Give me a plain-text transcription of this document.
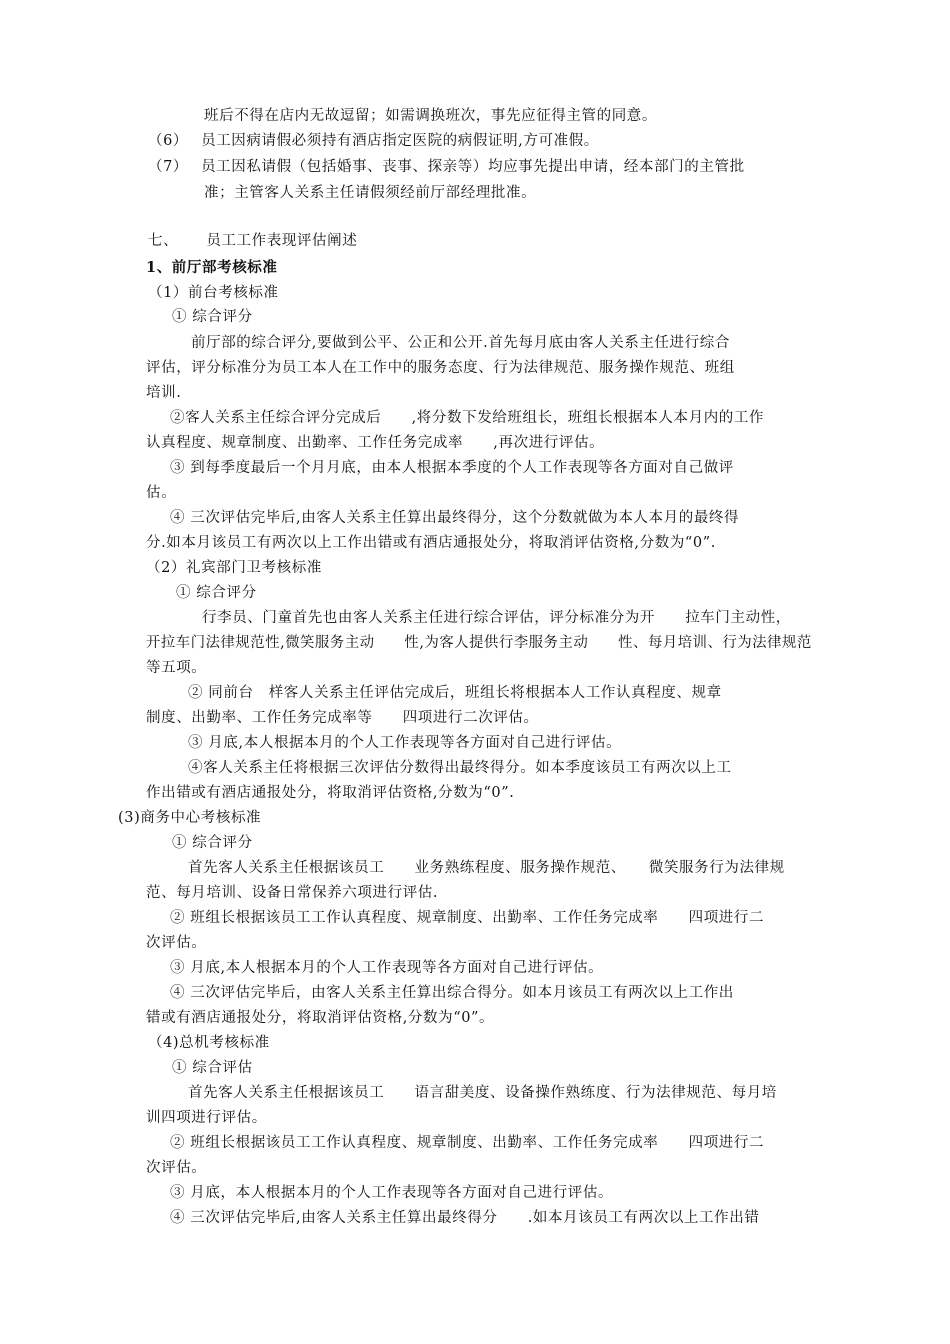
班后不得在店内无故逗留；如需调换班次，事先应征得主管的同意。
（6）　 员工因病请假必须持有酒店指定医院的病假证明,方可准假。
（7）　 员工因私请假（包括婚事、丧事、探亲等）均应事先提出申请，经本部门的主管批
准；主管客人关系主任请假须经前厅部经理批准。
七、　　 员工工作表现评估阐述
1、前厅部考核标准
（1）前台考核标准
① 综合评分
前厅部的综合评分,要做到公平、公正和公开.首先每月底由客人关系主任进行综合
评估，评分标准分为员工本人在工作中的服务态度、行为法律规范、服务操作规范、班组
培训.
②客人关系主任综合评分完成后　　,将分数下发给班组长，班组长根据本人本月内的工作
认真程度、规章制度、出勤率、工作任务完成率　　,再次进行评估。
③ 到每季度最后一个月月底，由本人根据本季度的个人工作表现等各方面对自己做评
估。
④ 三次评估完毕后,由客人关系主任算出最终得分，这个分数就做为本人本月的最终得
分.如本月该员工有两次以上工作出错或有酒店通报处分，将取消评估资格,分数为“0”.
（2）礼宾部门卫考核标准
① 综合评分
行李员、门童首先也由客人关系主任进行综合评估，评分标准分为开　　拉车门主动性，
开拉车门法律规范性,微笑服务主动　　性,为客人提供行李服务主动　　性、每月培训、行为法律规范
等五项。
② 同前台　样客人关系主任评估完成后，班组长将根据本人工作认真程度、规章
制度、出勤率、工作任务完成率等　　四项进行二次评估。
③ 月底,本人根据本月的个人工作表现等各方面对自己进行评估。
④客人关系主任将根据三次评估分数得出最终得分。如本季度该员工有两次以上工
作出错或有酒店通报处分，将取消评估资格,分数为“0”.
(3)商务中心考核标准
① 综合评分
首先客人关系主任根据该员工　　业务熟练程度、服务操作规范、　　微笑服务行为法律规
范、每月培训、设备日常保养六项进行评估.
② 班组长根据该员工工作认真程度、规章制度、出勤率、工作任务完成率　　四项进行二
次评估。
③ 月底,本人根据本月的个人工作表现等各方面对自己进行评估。
④ 三次评估完毕后，由客人关系主任算出综合得分。如本月该员工有两次以上工作出
错或有酒店通报处分，将取消评估资格,分数为“0”。
（4)总机考核标准
① 综合评估
首先客人关系主任根据该员工　　语言甜美度、设备操作熟练度、行为法律规范、每月培
训四项进行评估。
② 班组长根据该员工工作认真程度、规章制度、出勤率、工作任务完成率　　四项进行二
次评估。
③ 月底，本人根据本月的个人工作表现等各方面对自己进行评估。
④ 三次评估完毕后,由客人关系主任算出最终得分　　.如本月该员工有两次以上工作出错
